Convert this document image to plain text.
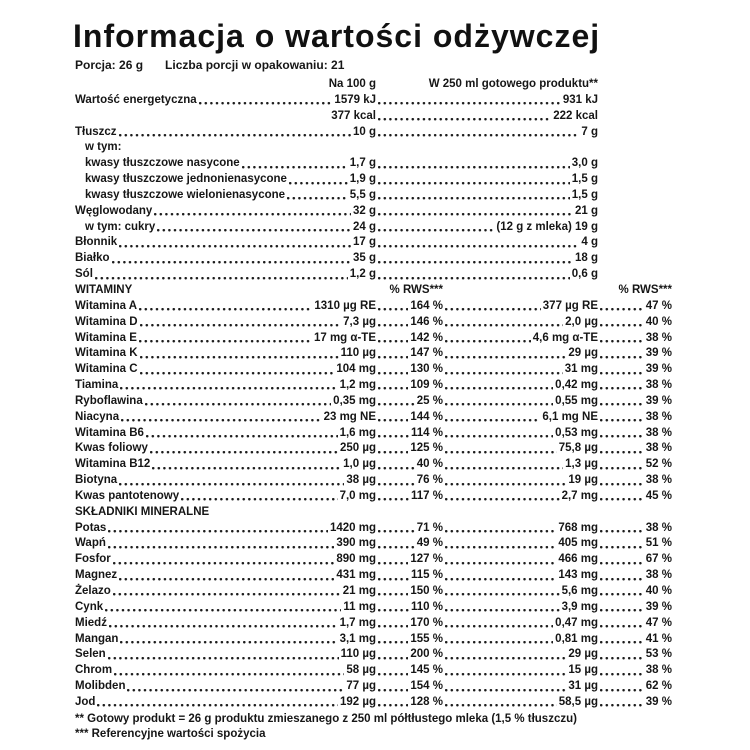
Informacja o wartości odżywczej
Porcja: 26 g Liczba porcji w opakowaniu: 21
Na 100 g	W 250 ml gotowego produktu**
Wartość energetyczna	1579 kJ	931 kJ
377 kcal	222 kcal
Tłuszcz	10 g	7 g
w tym:
kwasy tłuszczowe nasycone	1,7 g	3,0 g
kwasy tłuszczowe jednonienasycone	1,9 g	1,5 g
kwasy tłuszczowe wielonienasycone	5,5 g	1,5 g
Węglowodany	32 g	21 g
w tym: cukry	24 g	(12 g z mleka) 19 g
Błonnik	17 g	4 g
Białko	35 g	18 g
Sól	1,2 g	0,6 g
WITAMINY	% RWS***	% RWS***
Witamina A	1310 µg RE	164 %	377 µg RE	47 %
Witamina D	7,3 µg	146 %	2,0 µg	40 %
Witamina E	17 mg α-TE	142 %	4,6 mg α-TE	38 %
Witamina K	110 µg	147 %	29 µg	39 %
Witamina C	104 mg	130 %	31 mg	39 %
Tiamina	1,2 mg	109 %	0,42 mg	38 %
Ryboflawina	0,35 mg	25 %	0,55 mg	39 %
Niacyna	23 mg NE	144 %	6,1 mg NE	38 %
Witamina B6	1,6 mg	114 %	0,53 mg	38 %
Kwas foliowy	250 µg	125 %	75,8 µg	38 %
Witamina B12	1,0 µg	40 %	1,3 µg	52 %
Biotyna	38 µg	76 %	19 µg	38 %
Kwas pantotenowy	7,0 mg	117 %	2,7 mg	45 %
SKŁADNIKI MINERALNE
Potas	1420 mg	71 %	768 mg	38 %
Wapń	390 mg	49 %	405 mg	51 %
Fosfor	890 mg	127 %	466 mg	67 %
Magnez	431 mg	115 %	143 mg	38 %
Żelazo	21 mg	150 %	5,6 mg	40 %
Cynk	11 mg	110 %	3,9 mg	39 %
Miedź	1,7 mg	170 %	0,47 mg	47 %
Mangan	3,1 mg	155 %	0,81 mg	41 %
Selen	110 µg	200 %	29 µg	53 %
Chrom	58 µg	145 %	15 µg	38 %
Molibden	77 µg	154 %	31 µg	62 %
Jod	192 µg	128 %	58,5 µg	39 %
** Gotowy produkt = 26 g produktu zmieszanego z 250 ml półtłustego mleka (1,5 % tłuszczu)
*** Referencyjne wartości spożycia
